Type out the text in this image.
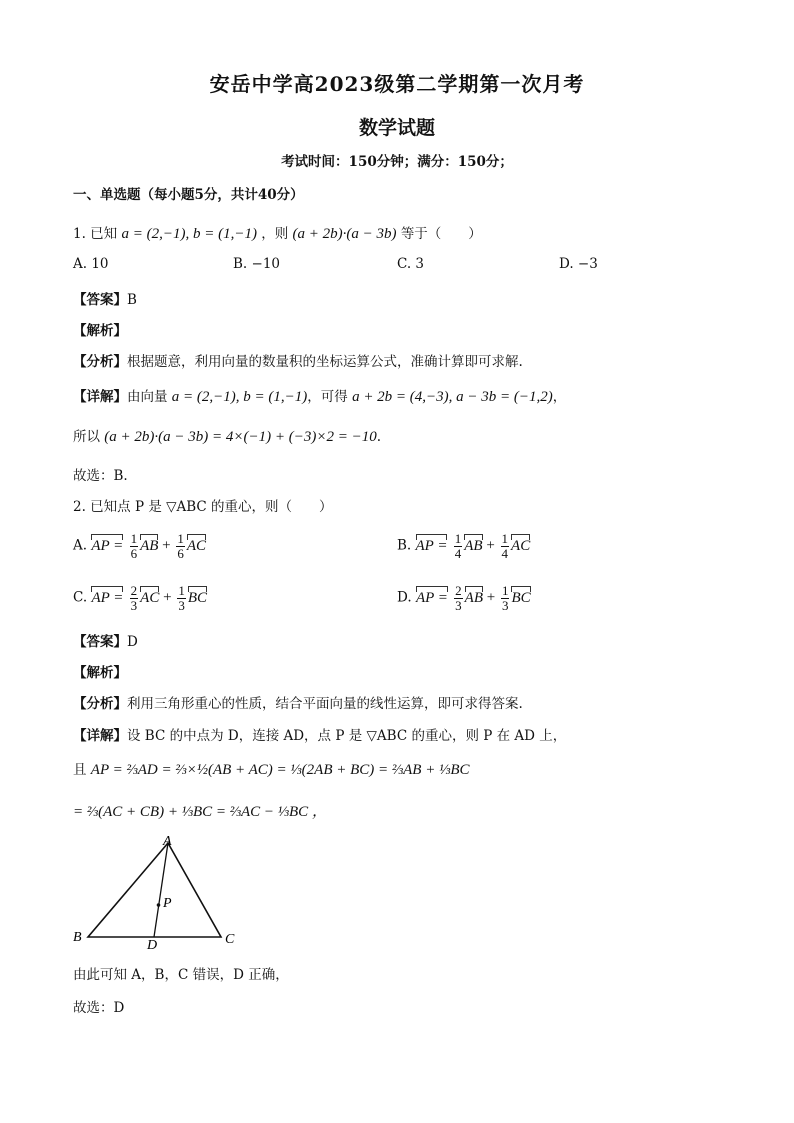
安岳中学高2023级第二学期第一次月考
数学试题
考试时间：150分钟；满分：150分；
一、单选题（每小题5分，共计40分）
1. 已知 a = (2,−1), b = (1,−1) ，则 (a + 2b)·(a − 3b) 等于（　　）
A. 10	B. −10	C. 3	D. −3
【答案】B
【解析】
【分析】根据题意，利用向量的数量积的坐标运算公式，准确计算即可求解.
【详解】由向量 a = (2,−1), b = (1,−1)，可得 a + 2b = (4,−3), a − 3b = (−1,2)，
所以 (a + 2b)·(a − 3b) = 4×(−1) + (−3)×2 = −10.
故选：B.
2. 已知点 P 是 ▽ABC 的重心，则（　　）
A. AP = $\frac{1}{6}$ AB + $\frac{1}{6}$ AC	B. AP = $\frac{1}{4}$ AB + $\frac{1}{4}$ AC
C. AP = $\frac{2}{3}$ AC + $\frac{1}{3}$ BC	D. AP = $\frac{2}{3}$ AB + $\frac{1}{3}$ BC
【答案】D
【解析】
【分析】利用三角形重心的性质，结合平面向量的线性运算，即可求得答案.
【详解】设 BC 的中点为 D，连接 AD，点 P 是 ▽ABC 的重心，则 P 在 AD 上，
且 AP = ⅔AD = ⅔×½(AB + AC) = ⅓(2AB + BC) = ⅔AB + ⅓BC
= ⅔(AC + CB) + ⅓BC = ⅔AC − ⅓BC ，
A
B	C
D
P
由此可知 A，B，C 错误，D 正确，
故选：D
